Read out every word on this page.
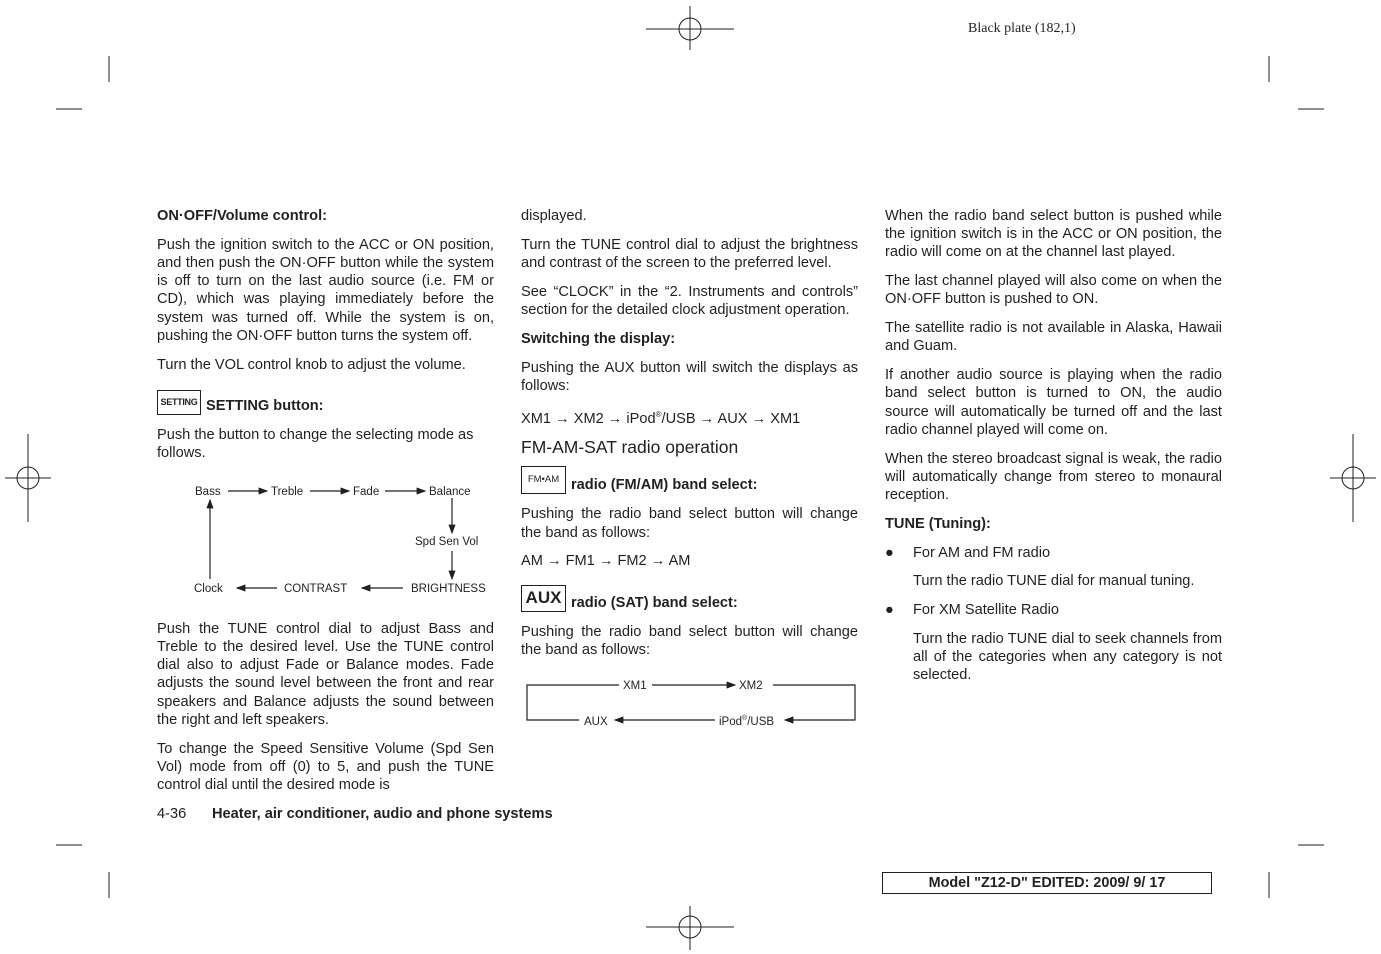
Black plate (182,1)
ON·OFF/Volume control:

Push the ignition switch to the ACC or ON position, and then push the ON·OFF button while the system is off to turn on the last audio source (i.e. FM or CD), which was playing immediately before the system was turned off. While the system is on, pushing the ON·OFF button turns the system off.

Turn the VOL control knob to adjust the volume.

SETTING SETTING button:

Push the button to change the selecting mode as follows.

Bass	Treble	Fade	Balance
Spd Sen Vol
BRIGHTNESS
CONTRAST
Clock

Push the TUNE control dial to adjust Bass and Treble to the desired level. Use the TUNE control dial also to adjust Fade or Balance modes. Fade adjusts the sound level between the front and rear speakers and Balance adjusts the sound between the right and left speakers.

To change the Speed Sensitive Volume (Spd Sen Vol) mode from off (0) to 5, and push the TUNE control dial until the desired mode is

displayed.

Turn the TUNE control dial to adjust the brightness and contrast of the screen to the preferred level.

See “CLOCK” in the “2. Instruments and controls” section for the detailed clock adjustment operation.

Switching the display:

Pushing the AUX button will switch the displays as follows:

XM1 → XM2 → iPod®/USB → AUX → XM1

FM-AM-SAT radio operation
FM•AM radio (FM/AM) band select:

Pushing the radio band select button will change the band as follows:

AM → FM1 → FM2 → AM

AUX radio (SAT) band select:

Pushing the radio band select button will change the band as follows:

XM1	XM2
AUX	iPod®/USB

When the radio band select button is pushed while the ignition switch is in the ACC or ON position, the radio will come on at the channel last played.

The last channel played will also come on when the ON·OFF button is pushed to ON.

The satellite radio is not available in Alaska, Hawaii and Guam.

If another audio source is playing when the radio band select button is turned to ON, the audio source will automatically be turned off and the last radio channel played will come on.

When the stereo broadcast signal is weak, the radio will automatically change from stereo to monaural reception.

TUNE (Tuning):
●	For AM and FM radio

Turn the radio TUNE dial for manual tuning.

●	For XM Satellite Radio

Turn the radio TUNE dial to seek channels from all of the categories when any category is not selected.

4-36 Heater, air conditioner, audio and phone systems
Model "Z12-D" EDITED: 2009/ 9/ 17
